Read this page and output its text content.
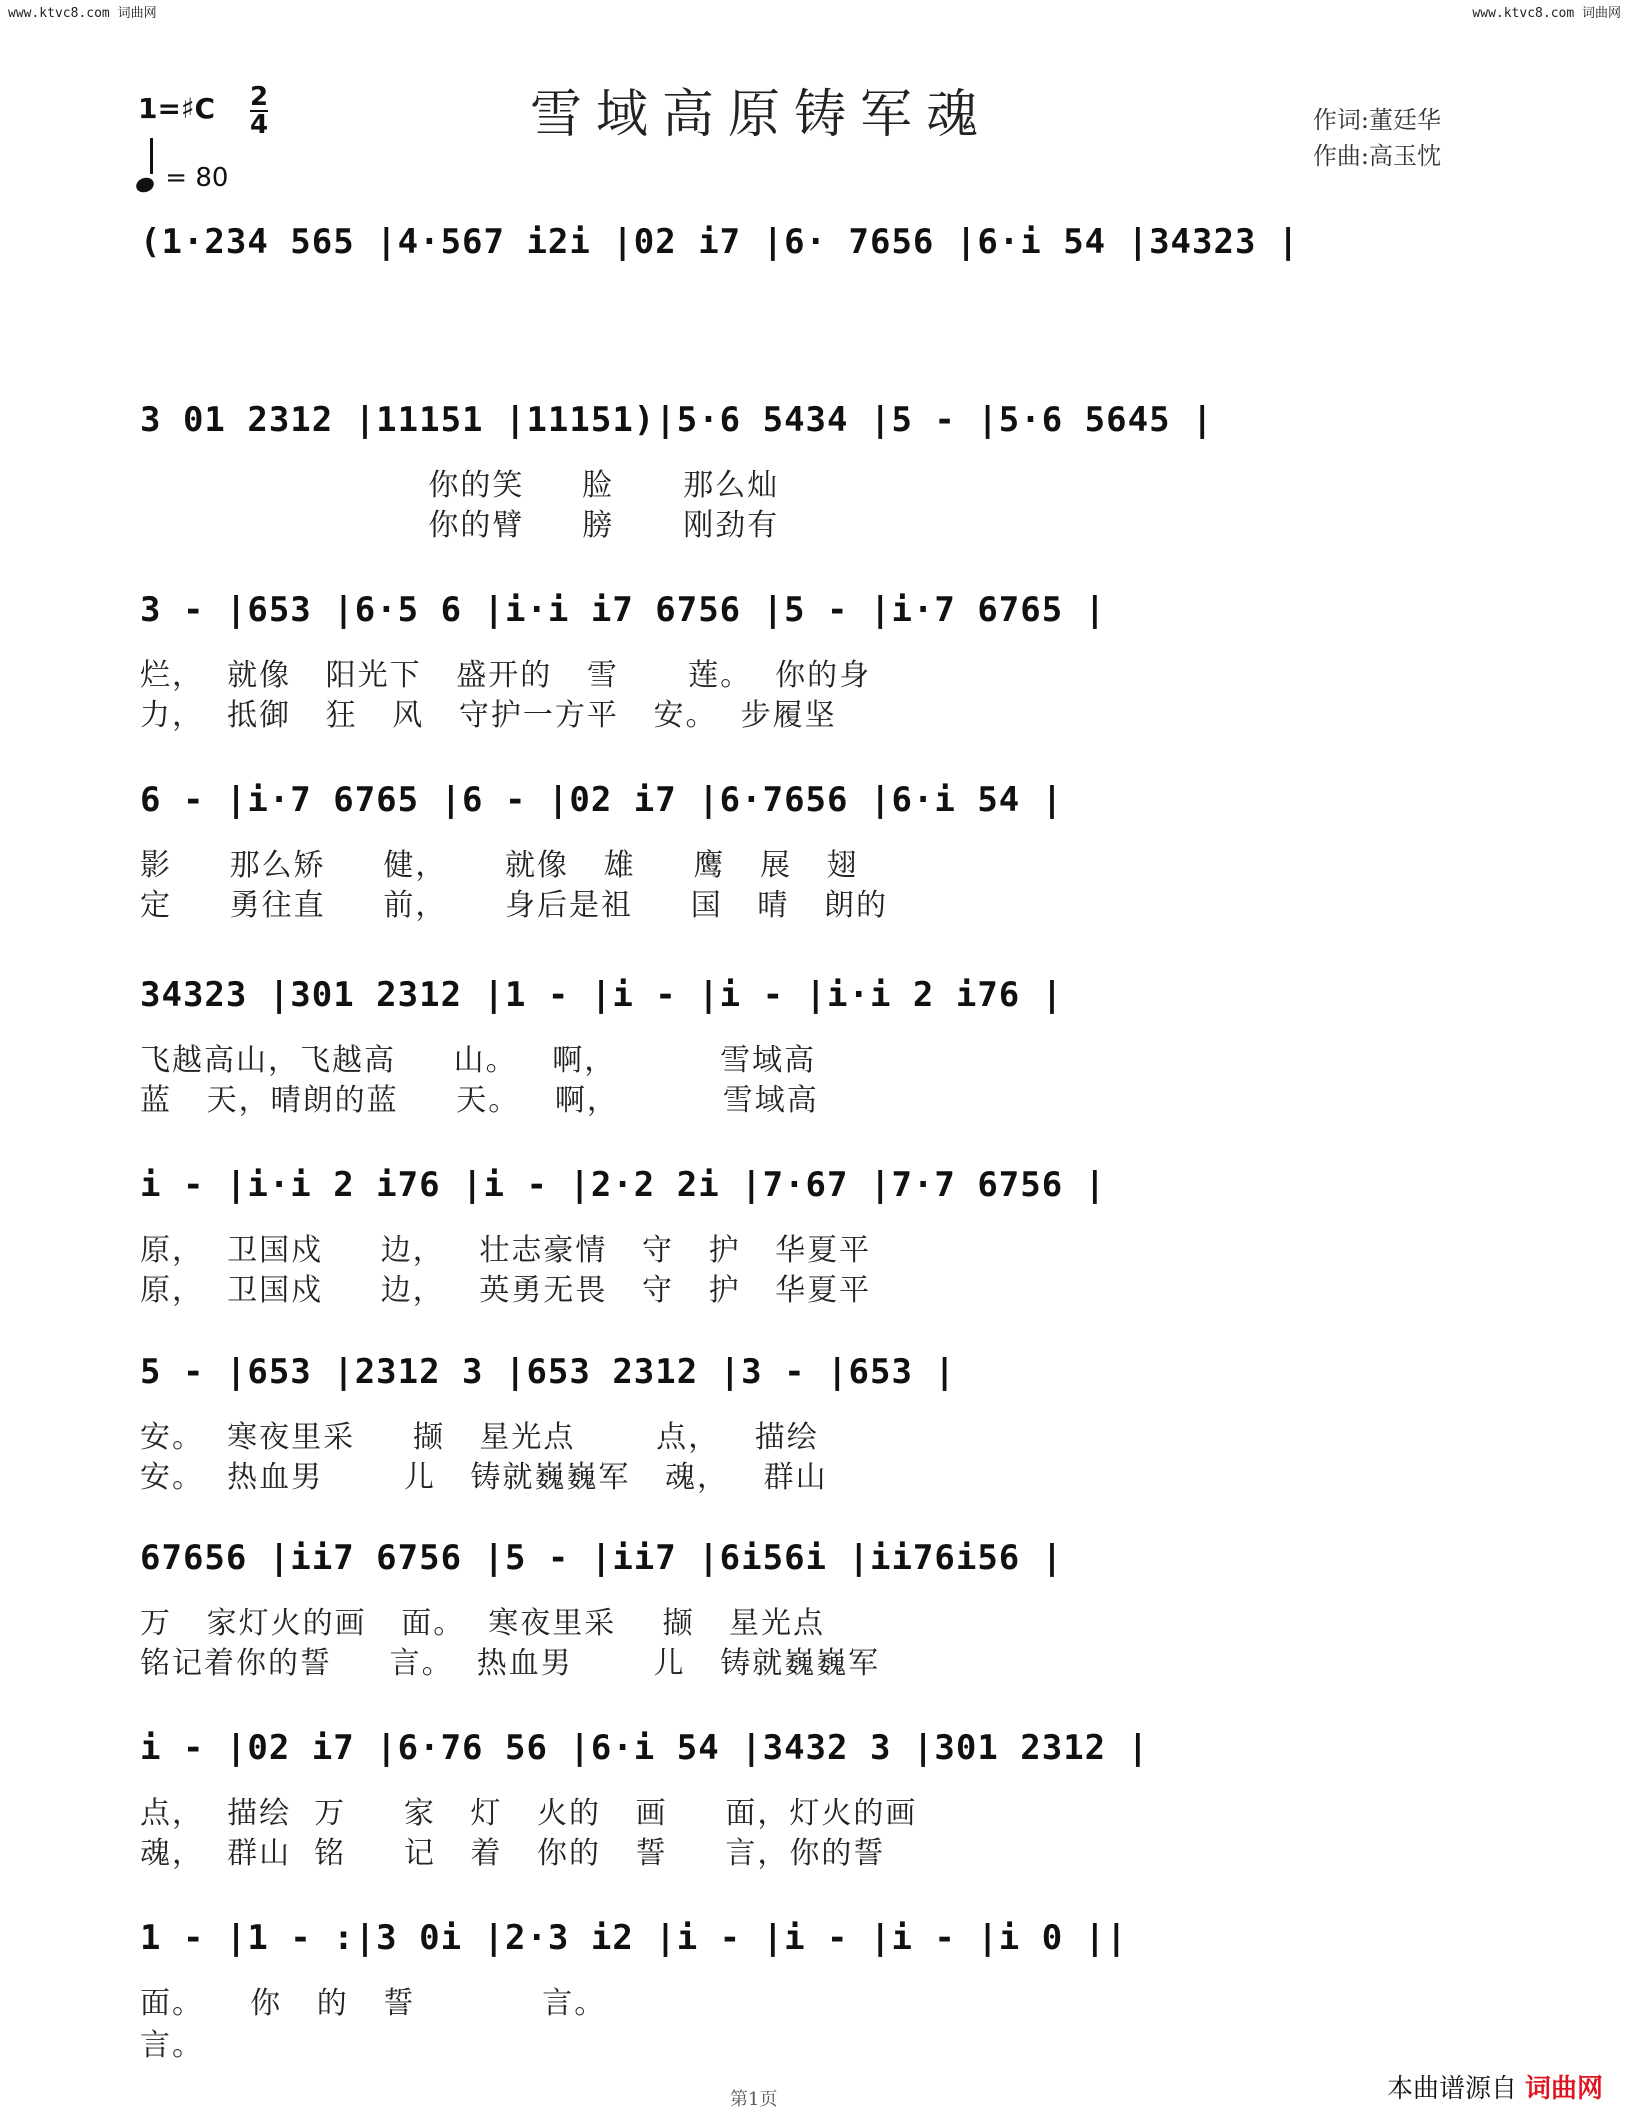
www.ktvc8.com 词曲网	www.ktvc8.com 词曲网
雪域高原铸军魂
1=♯C 2
4
= 80
作词:董廷华
作曲:高玉忱
(1·234 565 |4·567 i2i |02 i7 |6· 7656 |6·i 54 |34323 |
3 01 2312 |11151 |11151)|5·6 5434 |5 - |5·6 5645 |
你的笑     脸      那么灿
你的臂     膀      刚劲有
3 - |653 |6·5 6 |i·i i7 6756 |5 - |i·7 6765 |
烂，  就像   阳光下   盛开的   雪      莲。  你的身
力，  抵御   狂   风   守护一方平   安。  步履坚
6 - |i·7 6765 |6 - |02 i7 |6·7656 |6·i 54 |
影     那么矫     健，     就像   雄     鹰   展   翅
定     勇往直     前，     身后是祖     国   晴   朗的
34323 |301 2312 |1 - |i - |i - |i·i 2 i76 |
飞越高山，飞越高     山。   啊，         雪域高
蓝   天，晴朗的蓝     天。   啊，         雪域高
i - |i·i 2 i76 |i - |2·2 2i |7·67 |7·7 6756 |
原，  卫国戍     边，   壮志豪情   守   护   华夏平
原，  卫国戍     边，   英勇无畏   守   护   华夏平
5 - |653 |2312 3 |653 2312 |3 - |653 |
安。  寒夜里采     撷   星光点       点，   描绘
安。  热血男       儿   铸就巍巍军   魂，   群山
67656 |ii7 6756 |5 - |ii7 |6i56i |ii76i56 |
万   家灯火的画   面。  寒夜里采    撷   星光点
铭记着你的誓     言。  热血男       儿   铸就巍巍军
i - |02 i7 |6·76 56 |6·i 54 |3432 3 |301 2312 |
点，  描绘  万     家   灯   火的   画     面，灯火的画
魂，  群山  铭     记   着   你的   誓     言，你的誓
1 - |1 - :|3 0i |2·3 i2 |i - |i - |i - |i 0 ||
面。    你   的   誓           言。
言。
第1页	本曲谱源自 词曲网
